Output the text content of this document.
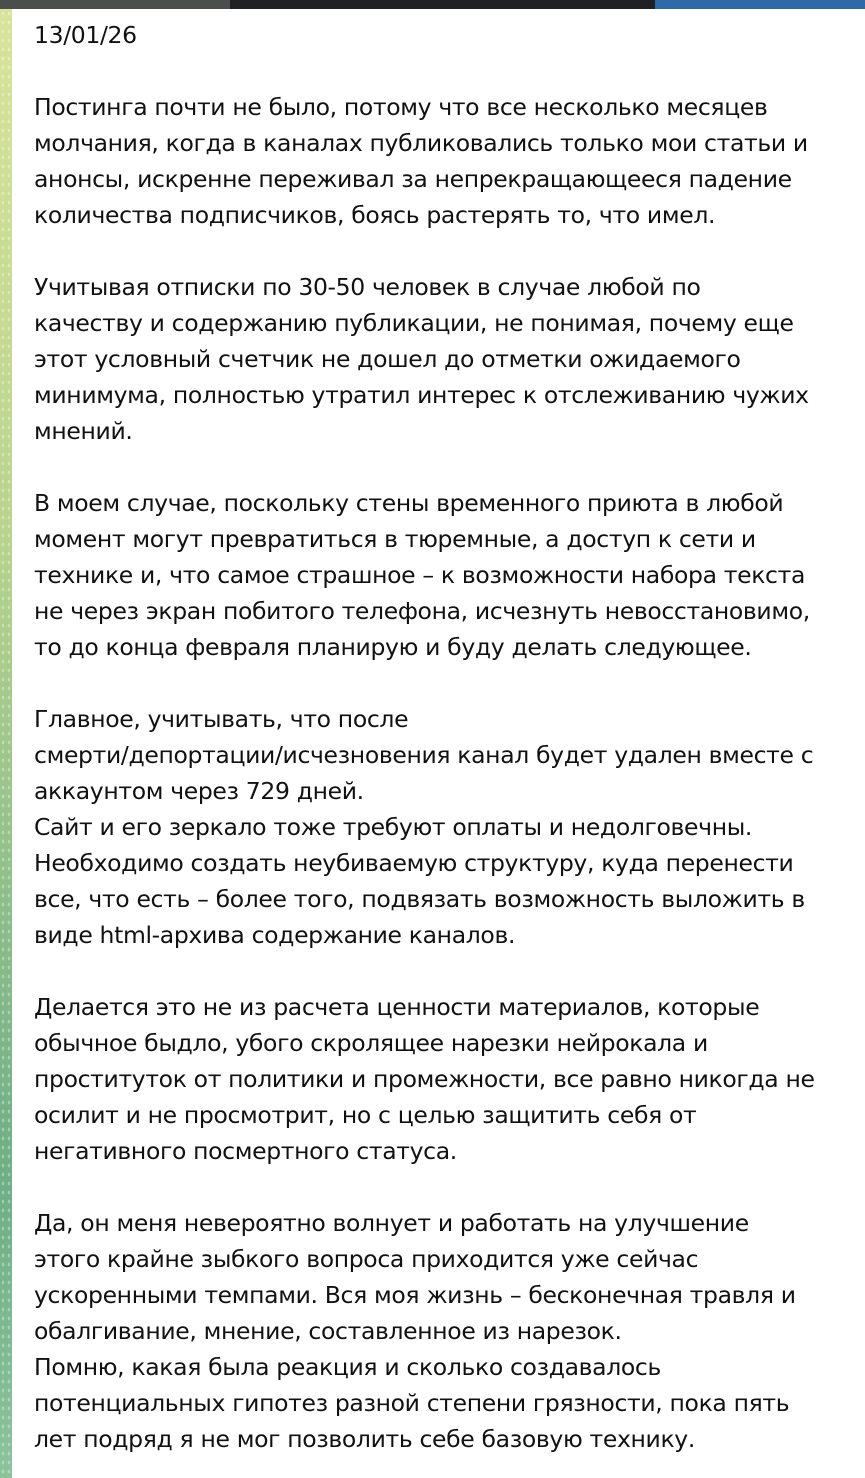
13/01/26
Постинга почти не было, потому что все несколько месяцев
молчания, когда в каналах публиковались только мои статьи и
анонсы, искренне переживал за непрекращающееся падение
количества подписчиков, боясь растерять то, что имел.
Учитывая отписки по 30-50 человек в случае любой по
качеству и содержанию публикации, не понимая, почему еще
этот условный счетчик не дошел до отметки ожидаемого
минимума, полностью утратил интерес к отслеживанию чужих
мнений.
В моем случае, поскольку стены временного приюта в любой
момент могут превратиться в тюремные, а доступ к сети и
технике и, что самое страшное – к возможности набора текста
не через экран побитого телефона, исчезнуть невосстановимо,
то до конца февраля планирую и буду делать следующее.
Главное, учитывать, что после
смерти/депортации/исчезновения канал будет удален вместе с
аккаунтом через 729 дней.
Сайт и его зеркало тоже требуют оплаты и недолговечны.
Необходимо создать неубиваемую структуру, куда перенести
все, что есть – более того, подвязать возможность выложить в
виде html-архива содержание каналов.
Делается это не из расчета ценности материалов, которые
обычное быдло, убого скролящее нарезки нейрокала и
проституток от политики и промежности, все равно никогда не
осилит и не просмотрит, но с целью защитить себя от
негативного посмертного статуса.
Да, он меня невероятно волнует и работать на улучшение
этого крайне зыбкого вопроса приходится уже сейчас
ускоренными темпами. Вся моя жизнь – бесконечная травля и
обалгивание, мнение, составленное из нарезок.
Помню, какая была реакция и сколько создавалось
потенциальных гипотез разной степени грязности, пока пять
лет подряд я не мог позволить себе базовую технику.
